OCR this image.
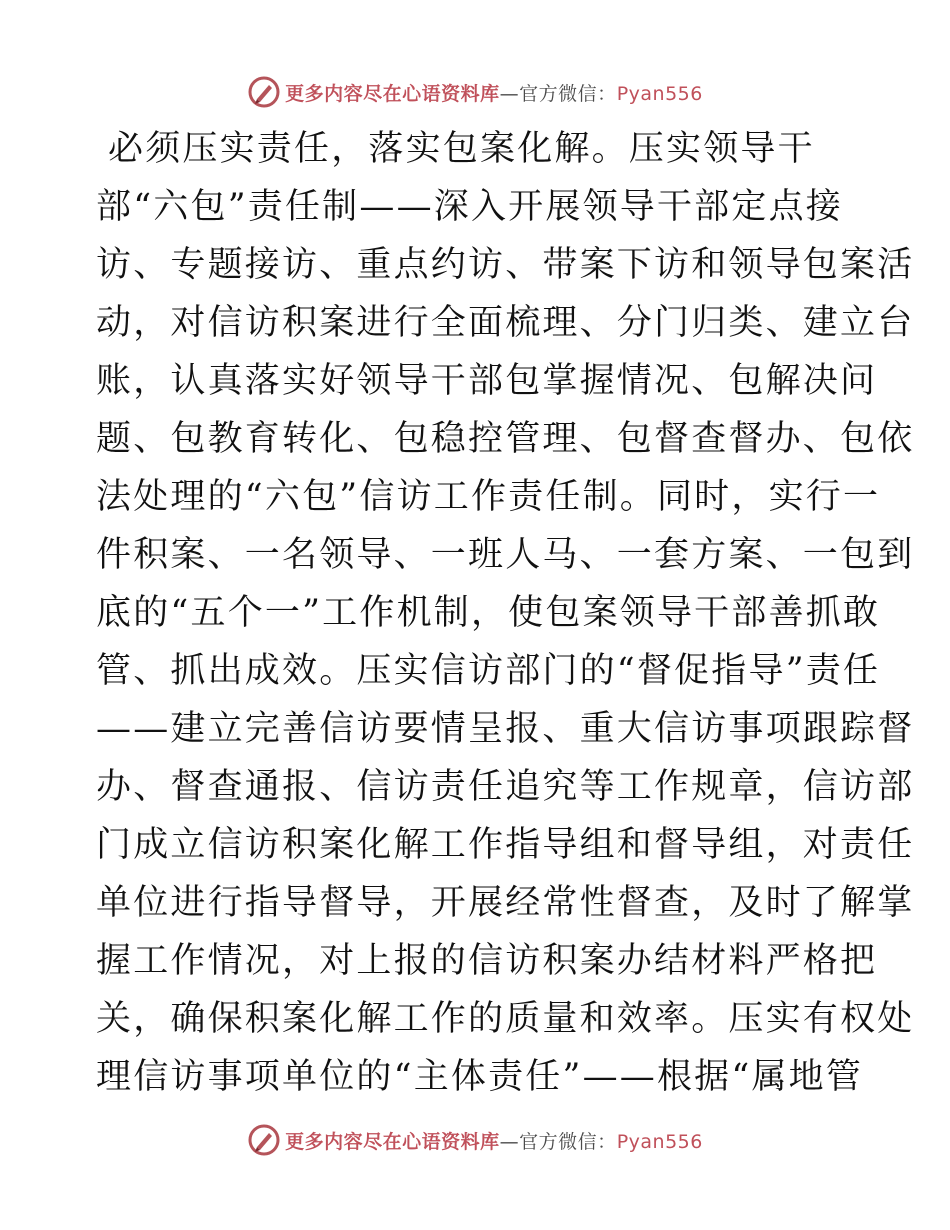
更多内容尽在心语资料库—官方微信：Pyan556
必须压实责任，落实包案化解。压实领导干
部“六包”责任制——深入开展领导干部定点接
访、专题接访、重点约访、带案下访和领导包案活
动，对信访积案进行全面梳理、分门归类、建立台
账，认真落实好领导干部包掌握情况、包解决问
题、包教育转化、包稳控管理、包督查督办、包依
法处理的“六包”信访工作责任制。同时，实行一
件积案、一名领导、一班人马、一套方案、一包到
底的“五个一”工作机制，使包案领导干部善抓敢
管、抓出成效。压实信访部门的“督促指导”责任
——建立完善信访要情呈报、重大信访事项跟踪督
办、督查通报、信访责任追究等工作规章，信访部
门成立信访积案化解工作指导组和督导组，对责任
单位进行指导督导，开展经常性督查，及时了解掌
握工作情况，对上报的信访积案办结材料严格把
关，确保积案化解工作的质量和效率。压实有权处
理信访事项单位的“主体责任”——根据“属地管
更多内容尽在心语资料库—官方微信：Pyan556
